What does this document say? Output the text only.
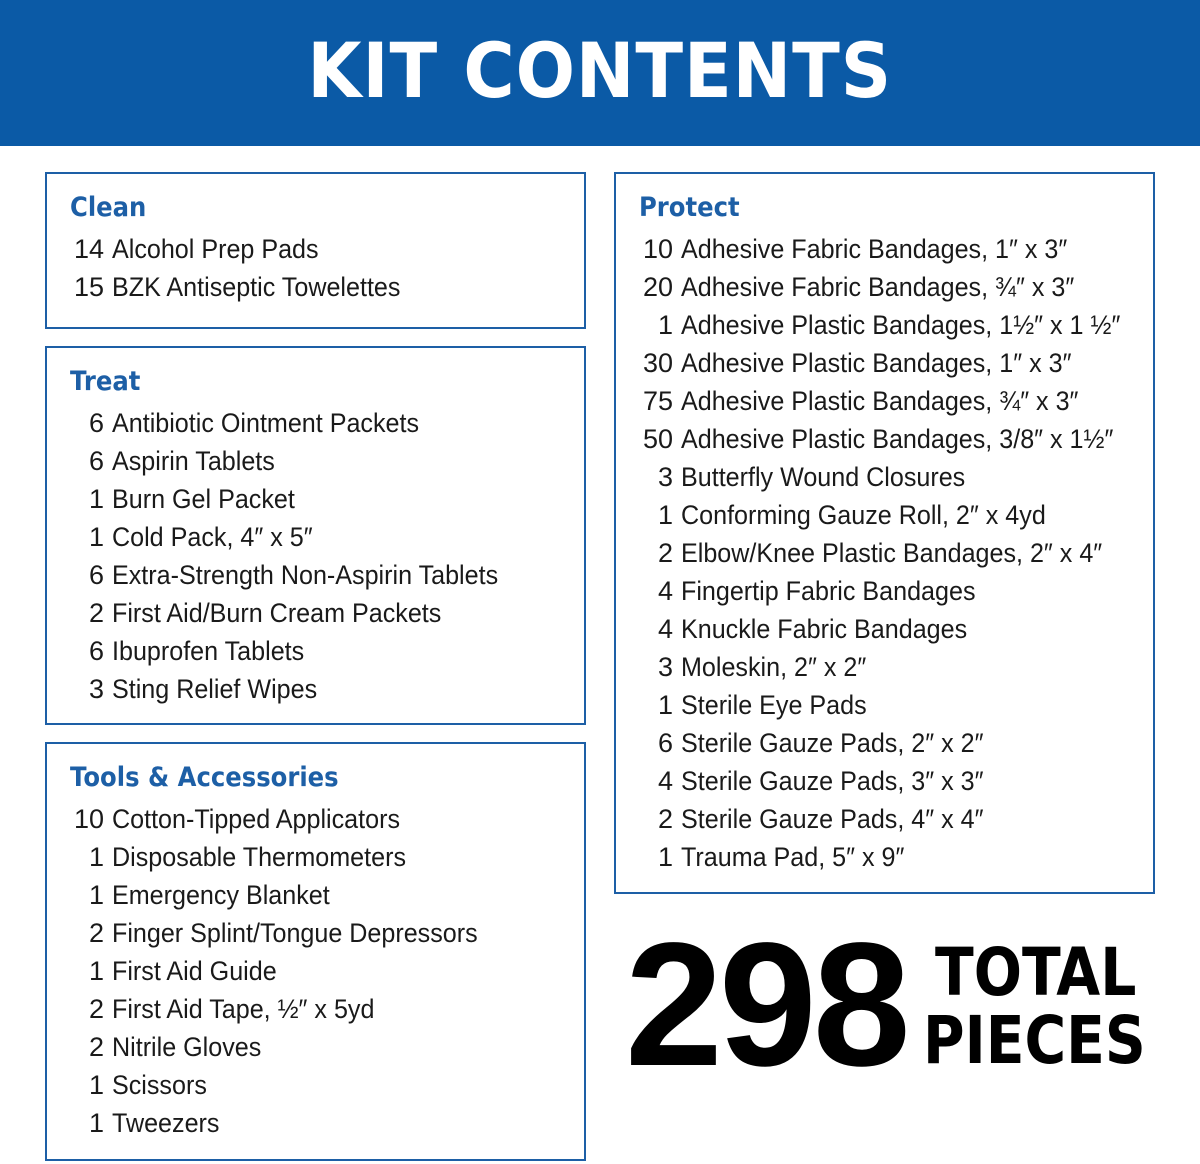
KIT CONTENTS
Clean
14 Alcohol Prep Pads
15 BZK Antiseptic Towelettes
Treat
6 Antibiotic Ointment Packets
6 Aspirin Tablets
1 Burn Gel Packet
1 Cold Pack, 4″ x 5″
6 Extra-Strength Non-Aspirin Tablets
2 First Aid/Burn Cream Packets
6 Ibuprofen Tablets
3 Sting Relief Wipes
Tools & Accessories
10 Cotton-Tipped Applicators
1 Disposable Thermometers
1 Emergency Blanket
2 Finger Splint/Tongue Depressors
1 First Aid Guide
2 First Aid Tape, ½″ x 5yd
2 Nitrile Gloves
1 Scissors
1 Tweezers
Protect
10 Adhesive Fabric Bandages, 1″ x 3″
20 Adhesive Fabric Bandages, ¾″ x 3″
1 Adhesive Plastic Bandages, 1½″ x 1 ½″
30 Adhesive Plastic Bandages, 1″ x 3″
75 Adhesive Plastic Bandages, ¾″ x 3″
50 Adhesive Plastic Bandages, 3/8″ x 1½″
3 Butterfly Wound Closures
1 Conforming Gauze Roll, 2″ x 4yd
2 Elbow/Knee Plastic Bandages, 2″ x 4″
4 Fingertip Fabric Bandages
4 Knuckle Fabric Bandages
3 Moleskin, 2″ x 2″
1 Sterile Eye Pads
6 Sterile Gauze Pads, 2″ x 2″
4 Sterile Gauze Pads, 3″ x 3″
2 Sterile Gauze Pads, 4″ x 4″
1 Trauma Pad, 5″ x 9″
298 TOTAL
PIECES
